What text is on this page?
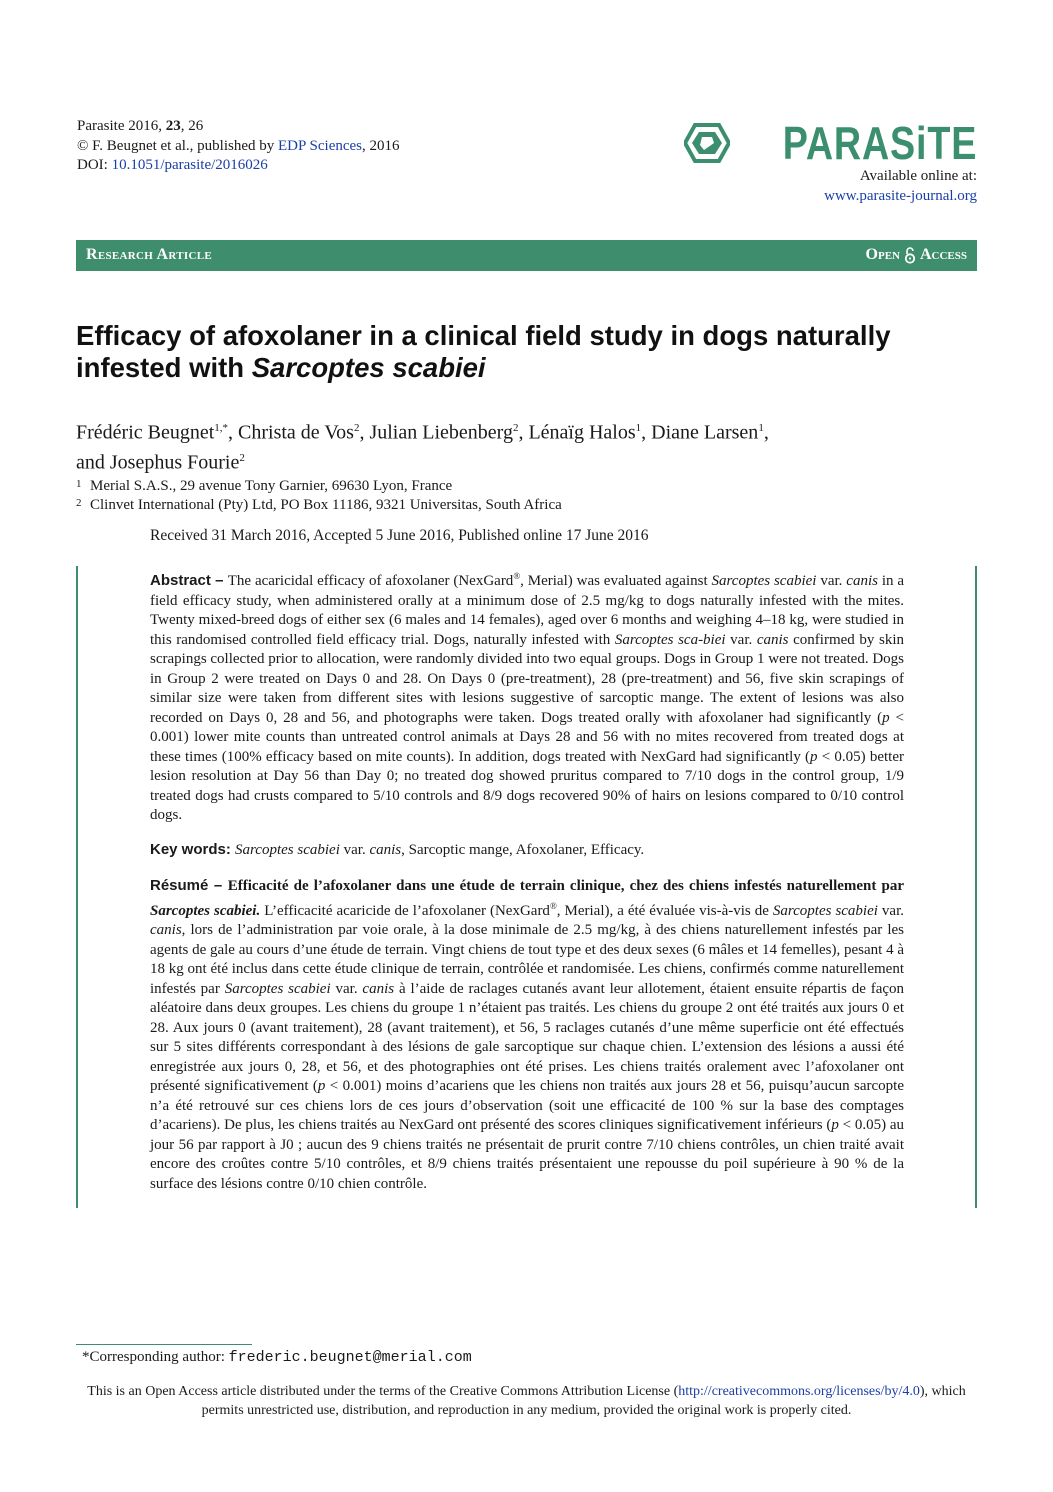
Parasite 2016, 23, 26
© F. Beugnet et al., published by EDP Sciences, 2016
DOI: 10.1051/parasite/2016026	PARASiTE
Available online at:
www.parasite-journal.org
Research Article	Open Access
Efficacy of afoxolaner in a clinical field study in dogs naturally infested with Sarcoptes scabiei
Frédéric Beugnet$^{1,*}$, Christa de Vos$^2$, Julian Liebenberg$^2$, Lénaïg Halos$^1$, Diane Larsen$^1$,
and Josephus Fourie$^2$
1 Merial S.A.S., 29 avenue Tony Garnier, 69630 Lyon, France
2 Clinvet International (Pty) Ltd, PO Box 11186, 9321 Universitas, South Africa
Received 31 March 2016, Accepted 5 June 2016, Published online 17 June 2016
Abstract – The acaricidal efficacy of afoxolaner (NexGard®, Merial) was evaluated against Sarcoptes scabiei var. canis in a field efficacy study, when administered orally at a minimum dose of 2.5 mg/kg to dogs naturally infested with the mites. Twenty mixed-breed dogs of either sex (6 males and 14 females), aged over 6 months and weighing 4–18 kg, were studied in this randomised controlled field efficacy trial. Dogs, naturally infested with Sarcoptes sca-biei var. canis confirmed by skin scrapings collected prior to allocation, were randomly divided into two equal groups. Dogs in Group 1 were not treated. Dogs in Group 2 were treated on Days 0 and 28. On Days 0 (pre-treatment), 28 (pre-treatment) and 56, five skin scrapings of similar size were taken from different sites with lesions suggestive of sarcoptic mange. The extent of lesions was also recorded on Days 0, 28 and 56, and photographs were taken. Dogs treated orally with afoxolaner had significantly (p < 0.001) lower mite counts than untreated control animals at Days 28 and 56 with no mites recovered from treated dogs at these times (100% efficacy based on mite counts). In addition, dogs treated with NexGard had significantly (p < 0.05) better lesion resolution at Day 56 than Day 0; no treated dog showed pruritus compared to 7/10 dogs in the control group, 1/9 treated dogs had crusts compared to 5/10 controls and 8/9 dogs recovered 90% of hairs on lesions compared to 0/10 control dogs.
Key words: Sarcoptes scabiei var. canis, Sarcoptic mange, Afoxolaner, Efficacy.
Résumé – Efficacité de l’afoxolaner dans une étude de terrain clinique, chez des chiens infestés naturellement par Sarcoptes scabiei. L’efficacité acaricide de l’afoxolaner (NexGard®, Merial), a été évaluée vis-à-vis de Sarcoptes scabiei var. canis, lors de l’administration par voie orale, à la dose minimale de 2.5 mg/kg, à des chiens naturellement infestés par les agents de gale au cours d’une étude de terrain. Vingt chiens de tout type et des deux sexes (6 mâles et 14 femelles), pesant 4 à 18 kg ont été inclus dans cette étude clinique de terrain, contrôlée et randomisée. Les chiens, confirmés comme naturellement infestés par Sarcoptes scabiei var. canis à l’aide de raclages cutanés avant leur allotement, étaient ensuite répartis de façon aléatoire dans deux groupes. Les chiens du groupe 1 n’étaient pas traités. Les chiens du groupe 2 ont été traités aux jours 0 et 28. Aux jours 0 (avant traitement), 28 (avant traitement), et 56, 5 raclages cutanés d’une même superficie ont été effectués sur 5 sites différents correspondant à des lésions de gale sarcoptique sur chaque chien. L’extension des lésions a aussi été enregistrée aux jours 0, 28, et 56, et des photographies ont été prises. Les chiens traités oralement avec l’afoxolaner ont présenté significativement (p < 0.001) moins d’acariens que les chiens non traités aux jours 28 et 56, puisqu’aucun sarcopte n’a été retrouvé sur ces chiens lors de ces jours d’observation (soit une efficacité de 100 % sur la base des comptages d’acariens). De plus, les chiens traités au NexGard ont présenté des scores cliniques significativement inférieurs (p < 0.05) au jour 56 par rapport à J0 ; aucun des 9 chiens traités ne présentait de prurit contre 7/10 chiens contrôles, un chien traité avait encore des croûtes contre 5/10 contrôles, et 8/9 chiens traités présentaient une repousse du poil supérieure à 90 % de la surface des lésions contre 0/10 chien contrôle.
*Corresponding author: frederic.beugnet@merial.com
This is an Open Access article distributed under the terms of the Creative Commons Attribution License (http://creativecommons.org/licenses/by/4.0), which permits unrestricted use, distribution, and reproduction in any medium, provided the original work is properly cited.
